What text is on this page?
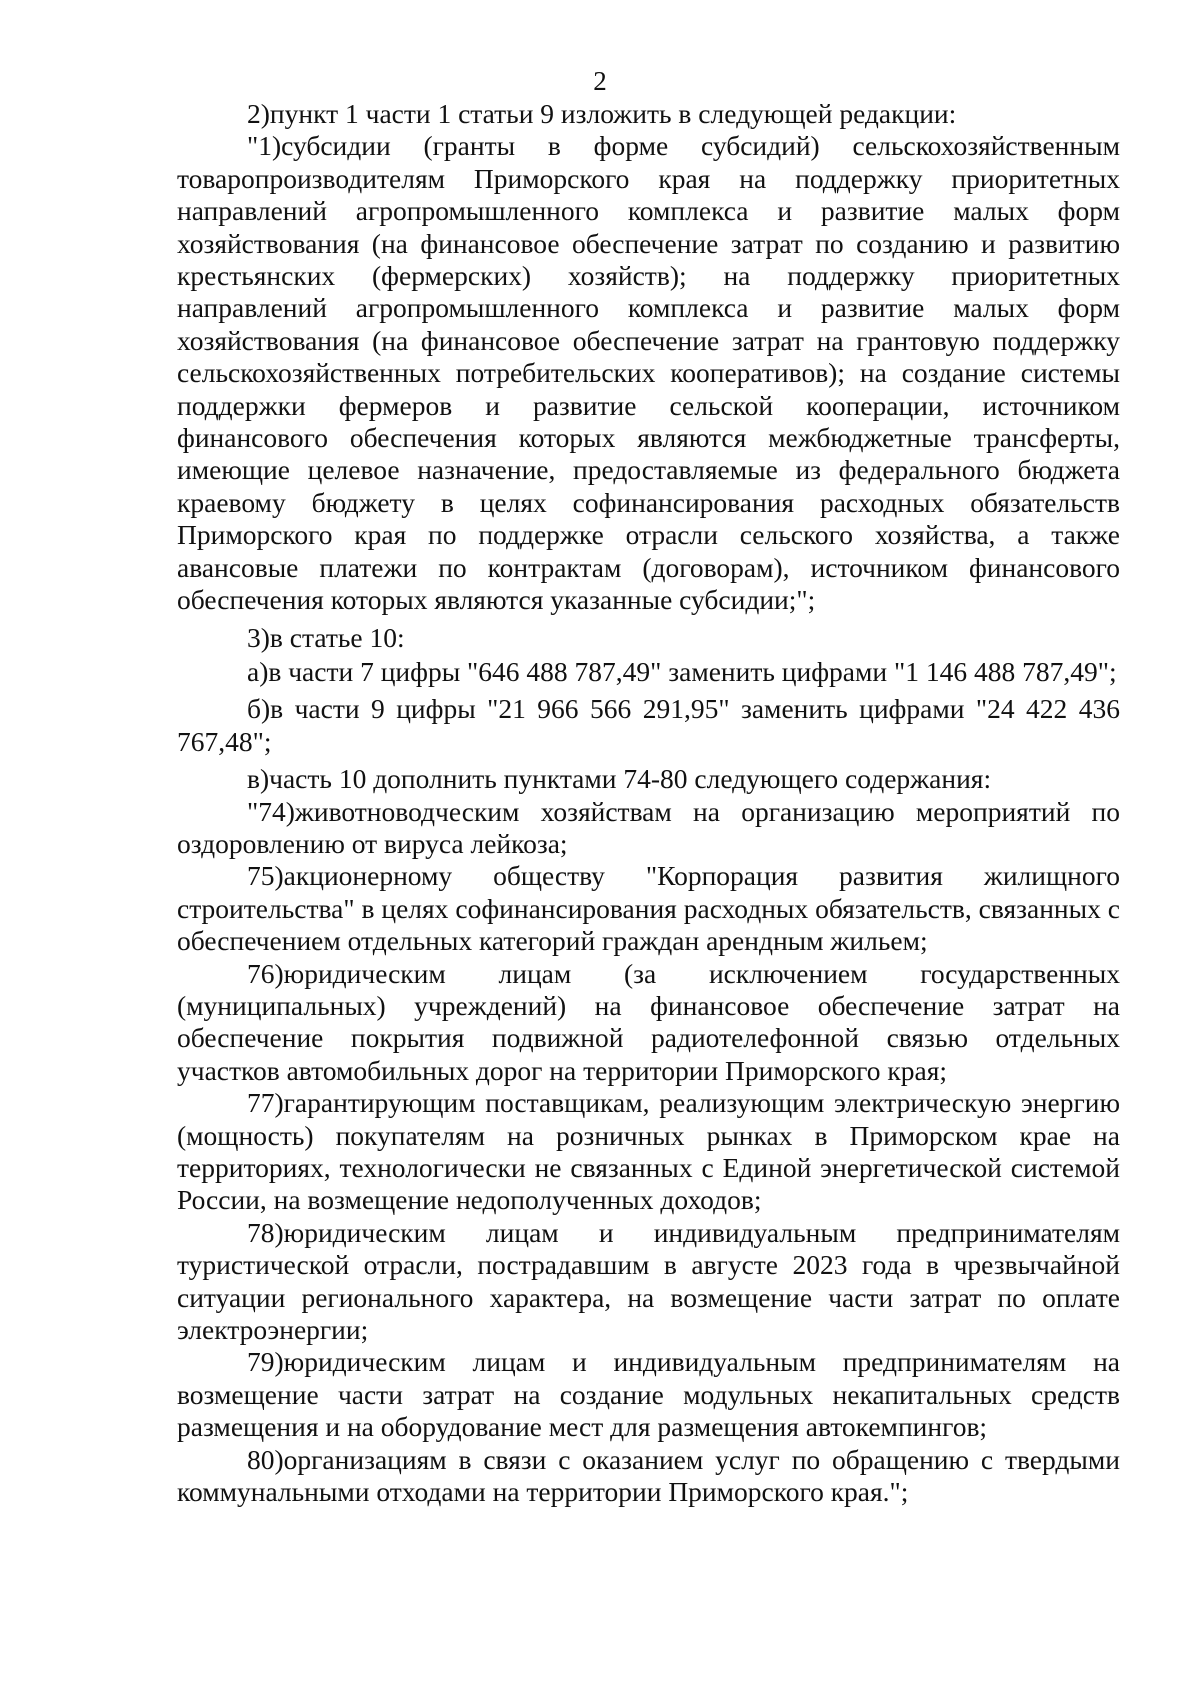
2

2)пункт 1 части 1 статьи 9 изложить в следующей редакции:

"1)субсидии (гранты в форме субсидий) сельскохозяйственным товаропроизводителям Приморского края на поддержку приоритетных направлений агропромышленного комплекса и развитие малых форм хозяйствования (на финансовое обеспечение затрат по созданию и развитию крестьянских (фермерских) хозяйств); на поддержку приоритетных направлений агропромышленного комплекса и развитие малых форм хозяйствования (на финансовое обеспечение затрат на грантовую поддержку сельскохозяйственных потребительских кооперативов); на создание системы поддержки фермеров и развитие сельской кооперации, источником финансового обеспечения которых являются межбюджетные трансферты, имеющие целевое назначение, предоставляемые из федерального бюджета краевому бюджету в целях софинансирования расходных обязательств Приморского края по поддержке отрасли сельского хозяйства, а также авансовые платежи по контрактам (договорам), источником финансового обеспечения которых являются указанные субсидии;";

3)в статье 10:

а)в части 7 цифры "646 488 787,49" заменить цифрами "1 146 488 787,49";

б)в части 9 цифры "21 966 566 291,95" заменить цифрами "24 422 436 767,48";

в)часть 10 дополнить пунктами 74-80 следующего содержания:

"74)животноводческим хозяйствам на организацию мероприятий по оздоровлению от вируса лейкоза;

75)акционерному обществу "Корпорация развития жилищного строительства" в целях софинансирования расходных обязательств, связанных с обеспечением отдельных категорий граждан арендным жильем;

76)юридическим лицам (за исключением государственных (муниципальных) учреждений) на финансовое обеспечение затрат на обеспечение покрытия подвижной радиотелефонной связью отдельных участков автомобильных дорог на территории Приморского края;

77)гарантирующим поставщикам, реализующим электрическую энергию (мощность) покупателям на розничных рынках в Приморском крае на территориях, технологически не связанных с Единой энергетической системой России, на возмещение недополученных доходов;

78)юридическим лицам и индивидуальным предпринимателям туристической отрасли, пострадавшим в августе 2023 года в чрезвычайной ситуации регионального характера, на возмещение части затрат по оплате электроэнергии;

79)юридическим лицам и индивидуальным предпринимателям на возмещение части затрат на создание модульных некапитальных средств размещения и на оборудование мест для размещения автокемпингов;

80)организациям в связи с оказанием услуг по обращению с твердыми коммунальными отходами на территории Приморского края.";
